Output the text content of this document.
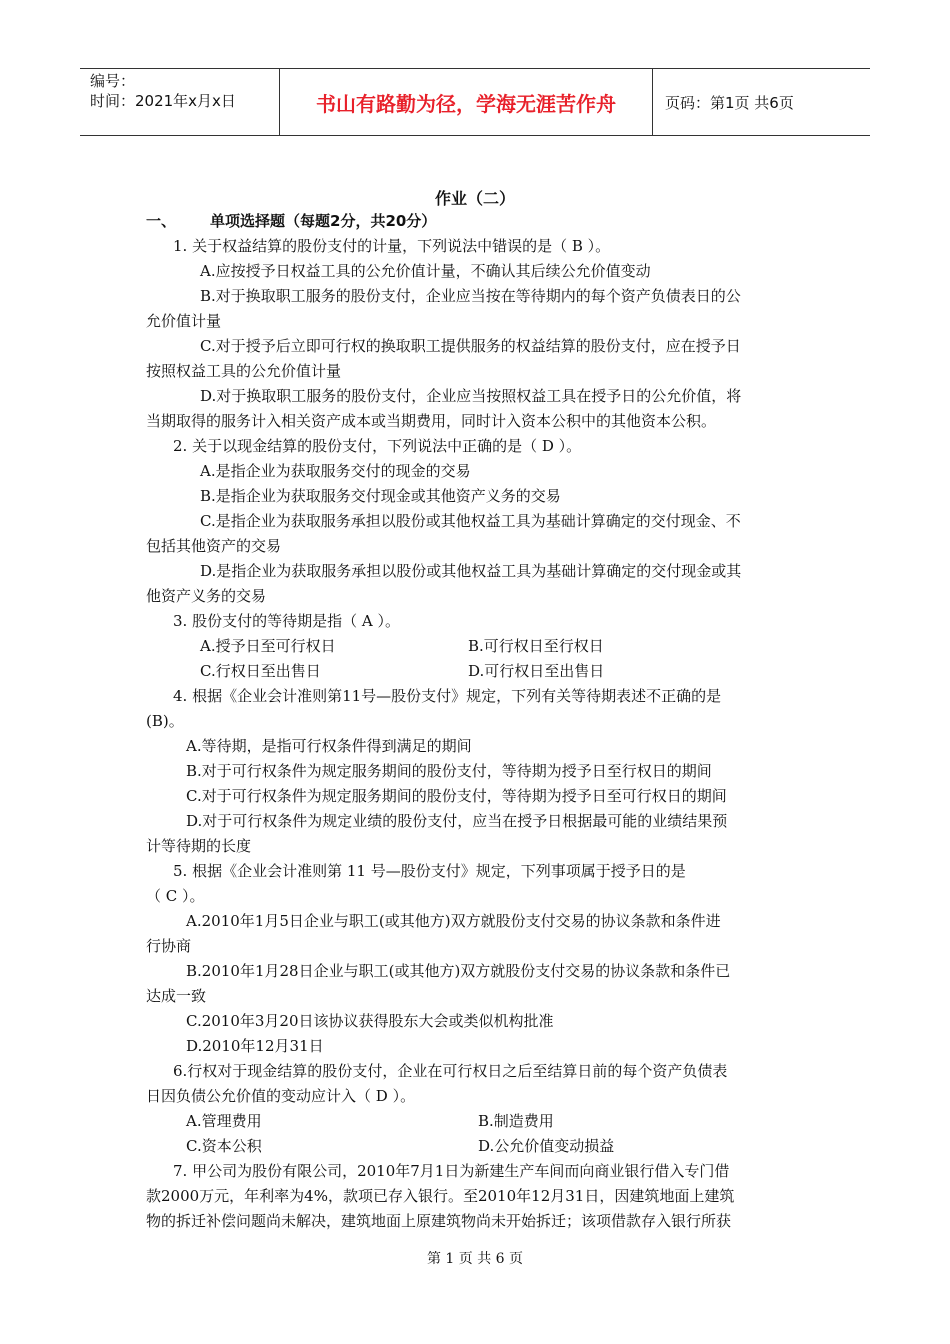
编号：
时间：2021年x月x日	书山有路勤为径，学海无涯苦作舟	页码：第1页 共6页
作业（二）
一、 单项选择题（每题2分，共20分）
1. 关于权益结算的股份支付的计量，下列说法中错误的是（ B ）。
A.应按授予日权益工具的公允价值计量，不确认其后续公允价值变动
B.对于换取职工服务的股份支付，企业应当按在等待期内的每个资产负债表日的公
允价值计量
C.对于授予后立即可行权的换取职工提供服务的权益结算的股份支付，应在授予日
按照权益工具的公允价值计量
D.对于换取职工服务的股份支付，企业应当按照权益工具在授予日的公允价值，将
当期取得的服务计入相关资产成本或当期费用，同时计入资本公积中的其他资本公积。
2. 关于以现金结算的股份支付，下列说法中正确的是（ D ）。
A.是指企业为获取服务交付的现金的交易
B.是指企业为获取服务交付现金或其他资产义务的交易
C.是指企业为获取服务承担以股份或其他权益工具为基础计算确定的交付现金、不
包括其他资产的交易
D.是指企业为获取服务承担以股份或其他权益工具为基础计算确定的交付现金或其
他资产义务的交易
3. 股份支付的等待期是指（ A ）。
A.授予日至可行权日	B.可行权日至行权日
C.行权日至出售日	D.可行权日至出售日
4. 根据《企业会计准则第11号—股份支付》规定，下列有关等待期表述不正确的是
(B)。
A.等待期，是指可行权条件得到满足的期间
B.对于可行权条件为规定服务期间的股份支付，等待期为授予日至行权日的期间
C.对于可行权条件为规定服务期间的股份支付，等待期为授予日至可行权日的期间
D.对于可行权条件为规定业绩的股份支付，应当在授予日根据最可能的业绩结果预
计等待期的长度
5. 根据《企业会计准则第 11 号—股份支付》规定，下列事项属于授予日的是
（ C ）。
A.2010年1月5日企业与职工(或其他方)双方就股份支付交易的协议条款和条件进
行协商
B.2010年1月28日企业与职工(或其他方)双方就股份支付交易的协议条款和条件已
达成一致
C.2010年3月20日该协议获得股东大会或类似机构批准
D.2010年12月31日
6.行权对于现金结算的股份支付，企业在可行权日之后至结算日前的每个资产负债表
日因负债公允价值的变动应计入（ D ）。
A.管理费用	B.制造费用
C.资本公积	D.公允价值变动损益
7. 甲公司为股份有限公司，2010年7月1日为新建生产车间而向商业银行借入专门借
款2000万元，年利率为4%，款项已存入银行。至2010年12月31日，因建筑地面上建筑
物的拆迁补偿问题尚未解决，建筑地面上原建筑物尚未开始拆迁；该项借款存入银行所获
第 1 页 共 6 页
